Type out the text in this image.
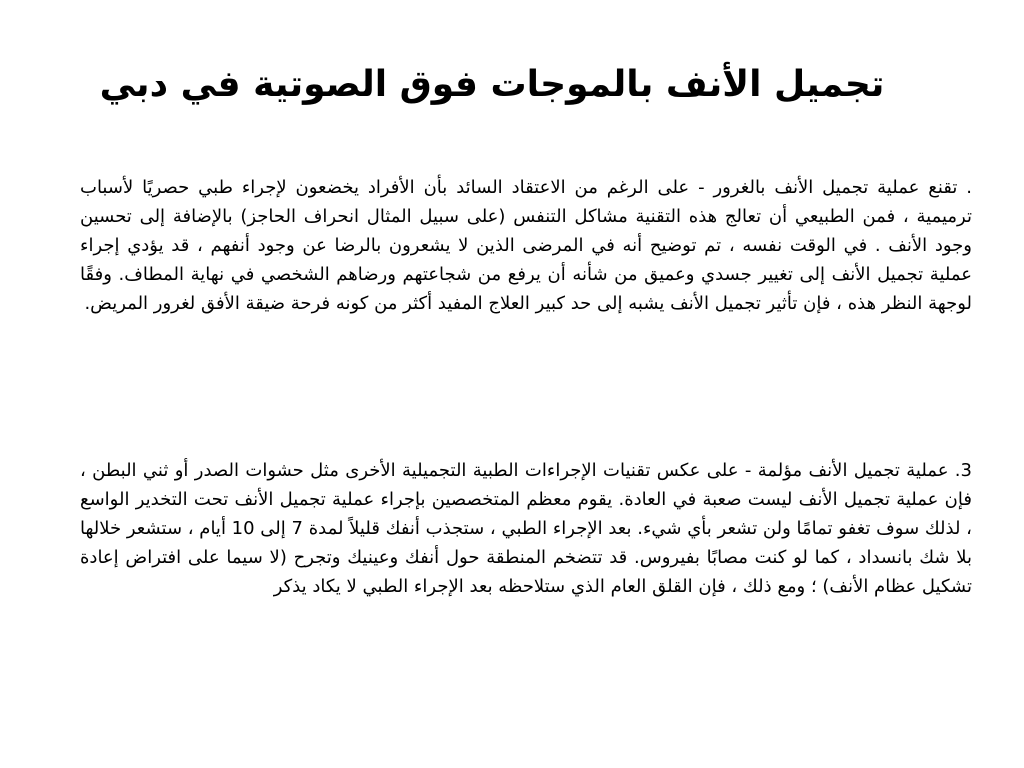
تجميل الأنف بالموجات فوق الصوتية في دبي

. تقنع عملية تجميل الأنف بالغرور - على الرغم من الاعتقاد السائد بأن الأفراد يخضعون لإجراء طبي حصريًا لأسباب ترميمية ، فمن الطبيعي أن تعالج هذه التقنية مشاكل التنفس (على سبيل المثال انحراف الحاجز) بالإضافة إلى تحسين وجود الأنف . في الوقت نفسه ، تم توضيح أنه في المرضى الذين لا يشعرون بالرضا عن وجود أنفهم ، قد يؤدي إجراء عملية تجميل الأنف إلى تغيير جسدي وعميق من شأنه أن يرفع من شجاعتهم ورضاهم الشخصي في نهاية المطاف. وفقًا لوجهة النظر هذه ، فإن تأثير تجميل الأنف يشبه إلى حد كبير العلاج المفيد أكثر من كونه فرحة ضيقة الأفق لغرور المريض.

3. عملية تجميل الأنف مؤلمة - على عكس تقنيات الإجراءات الطبية التجميلية الأخرى مثل حشوات الصدر أو ثني البطن ، فإن عملية تجميل الأنف ليست صعبة في العادة. يقوم معظم المتخصصين بإجراء عملية تجميل الأنف تحت التخدير الواسع ، لذلك سوف تغفو تمامًا ولن تشعر بأي شيء. بعد الإجراء الطبي ، ستجذب أنفك قليلاً لمدة 7 إلى 10 أيام ، ستشعر خلالها بلا شك بانسداد ، كما لو كنت مصابًا بفيروس. قد تتضخم المنطقة حول أنفك وعينيك وتجرح (لا سيما على افتراض إعادة تشكيل عظام الأنف) ؛ ومع ذلك ، فإن القلق العام الذي ستلاحظه بعد الإجراء الطبي لا يكاد يذكر
